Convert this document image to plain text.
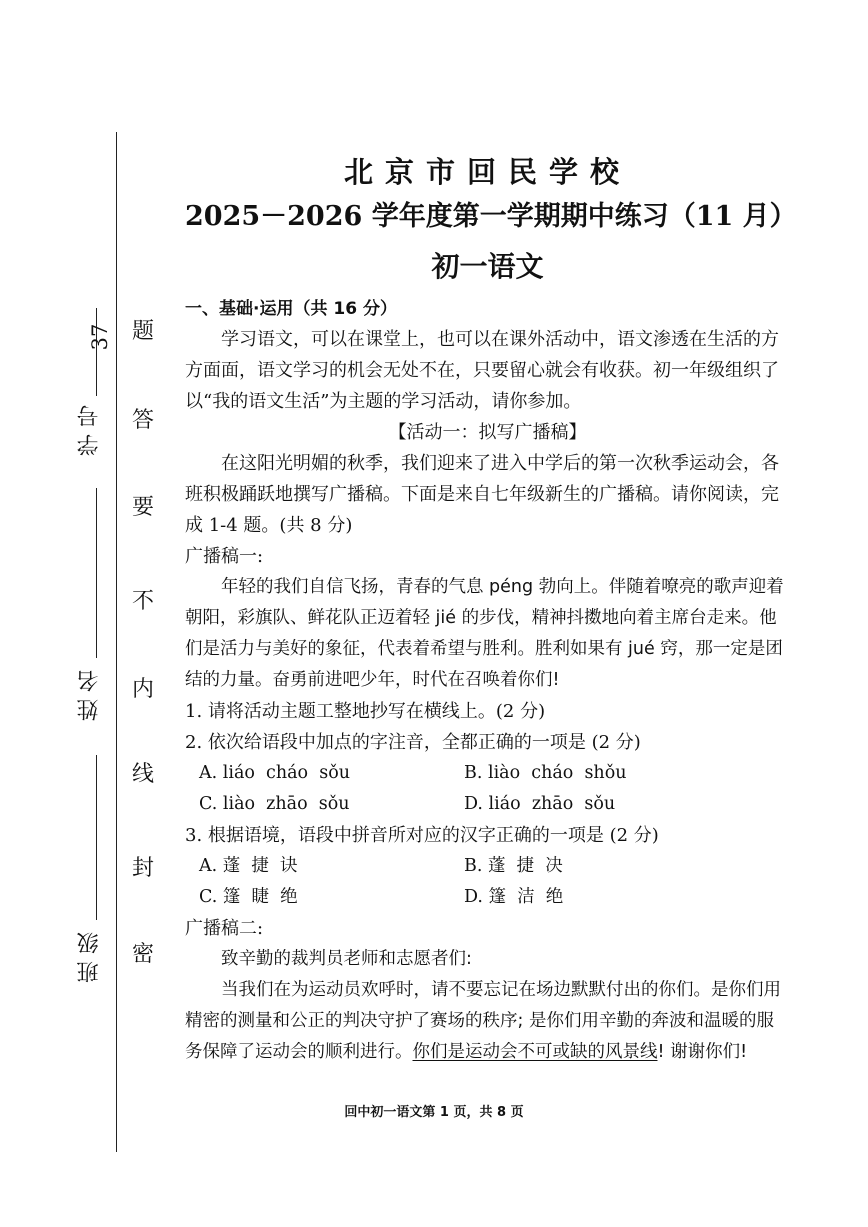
密
封
线
内
不
要
答
题
班 级
姓 名
学 号
37
北京市回民学校
2025－2026 学年度第一学期期中练习（11 月）
初一语文
一、基础·运用（共 16 分）

学习语文，可以在课堂上，也可以在课外活动中，语文渗透在生活的方方面面，语文学习的机会无处不在，只要留心就会有收获。初一年级组织了以“我的语文生活”为主题的学习活动，请你参加。

【活动一：拟写广播稿】

在这阳光明媚的秋季，我们迎来了进入中学后的第一次秋季运动会，各班积极踊跃地撰写广播稿。下面是来自七年级新生的广播稿。请你阅读，完成 1-4 题。(共 8 分)

广播稿一:

年轻的我们自信飞扬，青春的气息 péng 勃向上。伴随着嘹亮的歌声迎着朝阳，彩旗队、鲜花队正迈着轻 jié 的步伐，精神抖擞地向着主席台走来。他们是活力与美好的象征，代表着希望与胜利。胜利如果有 jué 窍，那一定是团结的力量。奋勇前进吧少年，时代在召唤着你们!

1. 请将活动主题工整地抄写在横线上。(2 分)

2. 依次给语段中加点的字注音，全都正确的一项是 (2 分)

A. liáo  cháo  sǒu	B. liào  cháo  shǒu
C. liào  zhāo  sǒu	D. liáo  zhāo  sǒu

3. 根据语境，语段中拼音所对应的汉字正确的一项是 (2 分)

A. 蓬  捷  诀	B. 蓬  捷  决
C. 篷  睫  绝	D. 篷  洁  绝

广播稿二:

致辛勤的裁判员老师和志愿者们:

当我们在为运动员欢呼时，请不要忘记在场边默默付出的你们。是你们用精密的测量和公正的判决守护了赛场的秩序; 是你们用辛勤的奔波和温暖的服务保障了运动会的顺利进行。你们是运动会不可或缺的风景线! 谢谢你们!

回中初一语文第 1 页，共 8 页
